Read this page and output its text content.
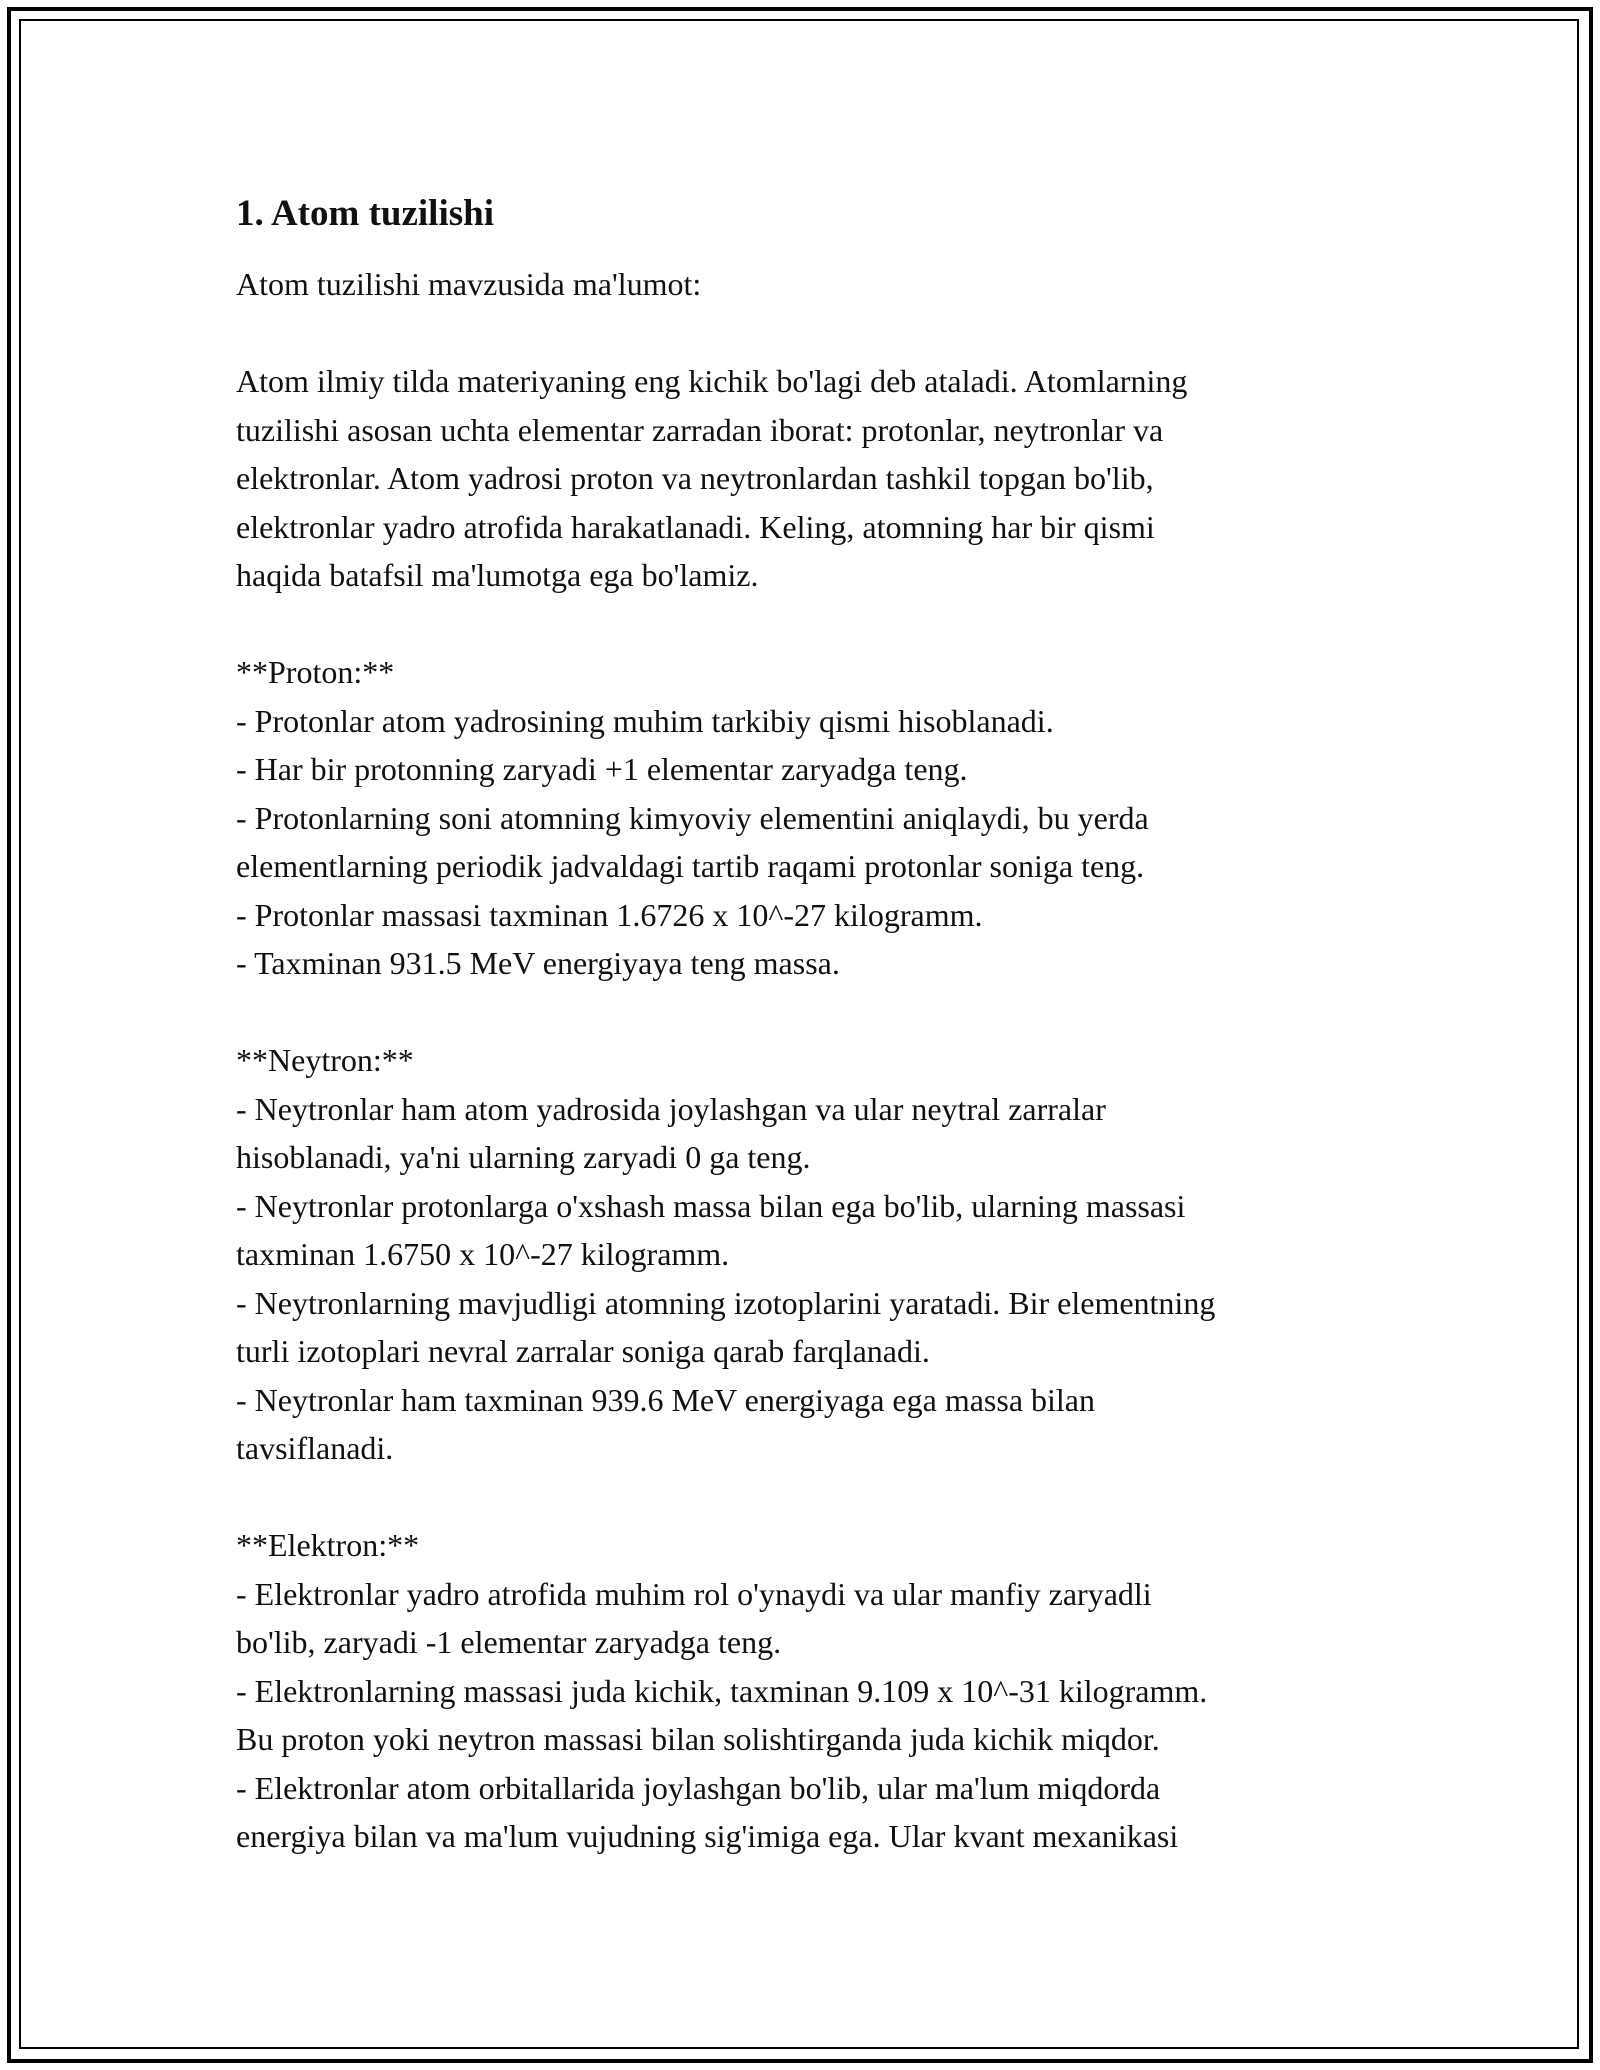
1. Atom tuzilishi

Atom tuzilishi mavzusida ma'lumot:

Atom ilmiy tilda materiyaning eng kichik bo'lagi deb ataladi. Atomlarning
tuzilishi asosan uchta elementar zarradan iborat: protonlar, neytronlar va
elektronlar. Atom yadrosi proton va neytronlardan tashkil topgan bo'lib,
elektronlar yadro atrofida harakatlanadi. Keling, atomning har bir qismi
haqida batafsil ma'lumotga ega bo'lamiz.
**Proton:**
- Protonlar atom yadrosining muhim tarkibiy qismi hisoblanadi.
- Har bir protonning zaryadi +1 elementar zaryadga teng.
- Protonlarning soni atomning kimyoviy elementini aniqlaydi, bu yerda
elementlarning periodik jadvaldagi tartib raqami protonlar soniga teng.
- Protonlar massasi taxminan 1.6726 x 10^-27 kilogramm.
- Taxminan 931.5 MeV energiyaya teng massa.
**Neytron:**
- Neytronlar ham atom yadrosida joylashgan va ular neytral zarralar
hisoblanadi, ya'ni ularning zaryadi 0 ga teng.
- Neytronlar protonlarga o'xshash massa bilan ega bo'lib, ularning massasi
taxminan 1.6750 x 10^-27 kilogramm.
- Neytronlarning mavjudligi atomning izotoplarini yaratadi. Bir elementning
turli izotoplari nevral zarralar soniga qarab farqlanadi.
- Neytronlar ham taxminan 939.6 MeV energiyaga ega massa bilan
tavsiflanadi.
**Elektron:**
- Elektronlar yadro atrofida muhim rol o'ynaydi va ular manfiy zaryadli
bo'lib, zaryadi -1 elementar zaryadga teng.
- Elektronlarning massasi juda kichik, taxminan 9.109 x 10^-31 kilogramm.
Bu proton yoki neytron massasi bilan solishtirganda juda kichik miqdor.
- Elektronlar atom orbitallarida joylashgan bo'lib, ular ma'lum miqdorda
energiya bilan va ma'lum vujudning sig'imiga ega. Ular kvant mexanikasi
